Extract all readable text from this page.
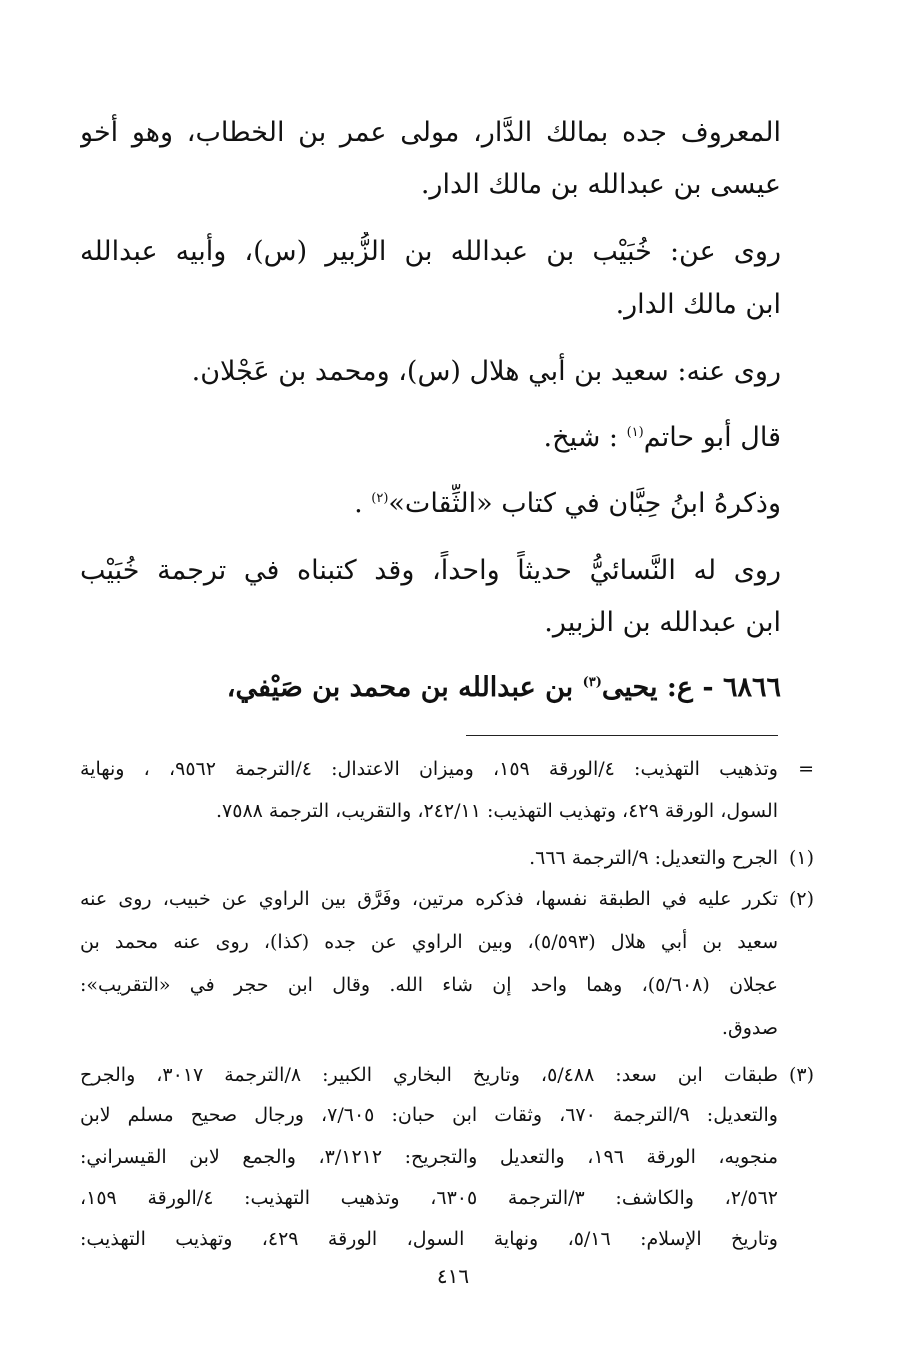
المعروف جده بمالك الدَّار، مولى عمر بن الخطاب، وهو أخو
عيسى بن عبدالله بن مالك الدار.
روى عن: خُبَيْب بن عبدالله بن الزُّبير (س)، وأبيه عبدالله
ابن مالك الدار.
روى عنه: سعيد بن أبي هلال (س)، ومحمد بن عَجْلان.
قال أبو حاتم$^{(١)}$ : شيخ.
وذكرهُ ابنُ حِبَّان في كتاب «الثِّقات»$^{(٢)}$ .
روى له النَّسائيُّ حديثاً واحداً، وقد كتبناه في ترجمة خُبَيْب
ابن عبدالله بن الزبير.
٦٨٦٦ - ع: يحيى$^{(٣)}$ بن عبدالله بن محمد بن صَيْفي،
=
وتذهيب التهذيب: ٤/الورقة ١٥٩، وميزان الاعتدال: ٤/الترجمة ٩٥٦٢، ، ونهاية
السول، الورقة ٤٢٩، وتهذيب التهذيب: ٢٤٢/١١، والتقريب، الترجمة ٧٥٨٨.
(١)
الجرح والتعديل: ٩/الترجمة ٦٦٦.
(٢)
تكرر عليه في الطبقة نفسها، فذكره مرتين، وفَرَّق بين الراوي عن خبيب، روى عنه
سعيد بن أبي هلال (٥/٥٩٣)، وبين الراوي عن جده (كذا)، روى عنه محمد بن
عجلان (٥/٦٠٨)، وهما واحد إن شاء الله. وقال ابن حجر في «التقريب»:
صدوق.
(٣)
طبقات ابن سعد: ٥/٤٨٨، وتاريخ البخاري الكبير: ٨/الترجمة ٣٠١٧، والجرح
والتعديل: ٩/الترجمة ٦٧٠، وثقات ابن حبان: ٧/٦٠٥، ورجال صحيح مسلم لابن
منجويه، الورقة ١٩٦، والتعديل والتجريح: ٣/١٢١٢، والجمع لابن القيسراني:
٢/٥٦٢، والكاشف: ٣/الترجمة ٦٣٠٥، وتذهيب التهذيب: ٤/الورقة ١٥٩،
وتاريخ الإسلام: ٥/١٦، ونهاية السول، الورقة ٤٢٩، وتهذيب التهذيب:
٤١٦
